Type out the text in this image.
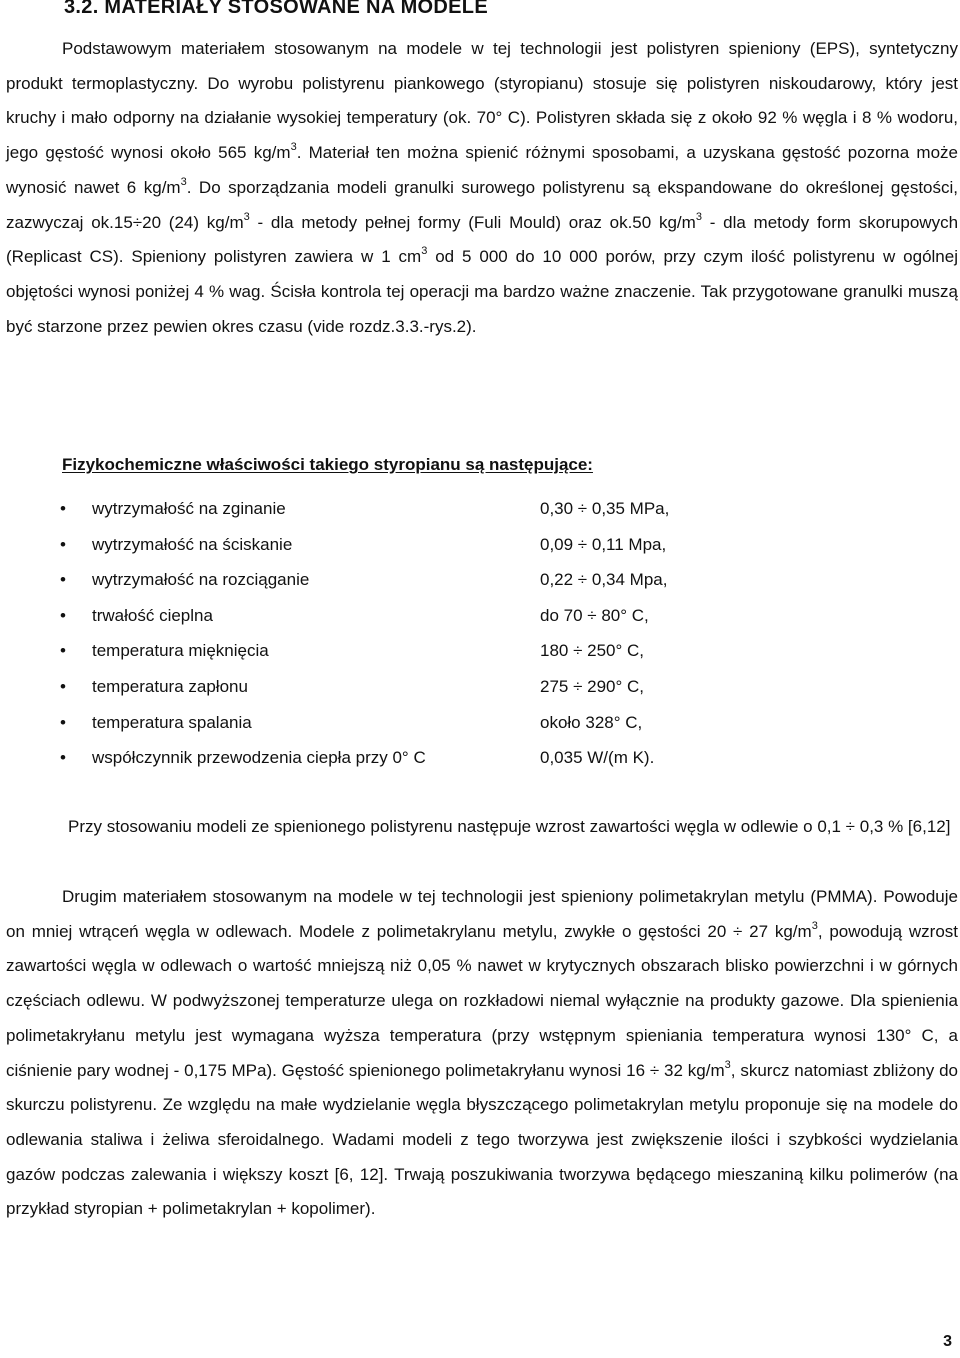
3.2. MATERIAŁY STOSOWANE NA MODELE

Podstawowym materiałem stosowanym na modele w tej technologii jest polistyren spieniony (EPS), syntetyczny produkt termoplastyczny. Do wyrobu polistyrenu piankowego (styropianu) stosuje się polistyren niskoudarowy, który jest kruchy i mało odporny na działanie wysokiej temperatury (ok. 70° C). Polistyren składa się z około 92 % węgla i 8 % wodoru, jego gęstość wynosi około 565 $kg/m^3$. Materiał ten można spienić różnymi sposobami, a uzyskana gęstość pozorna może wynosić nawet 6 $kg/m^3$. Do sporządzania modeli granulki surowego polistyrenu są ekspandowane do określonej gęstości, zazwyczaj ok.15÷20 (24) $kg/m^3$ - dla metody pełnej formy (Fuli Mould) oraz ok.50 $kg/m^3$ - dla metody form skorupowych (Replicast CS). Spieniony polistyren zawiera w 1 $cm^3$ od 5 000 do 10 000 porów, przy czym ilość polistyrenu w ogólnej objętości wynosi poniżej 4 % wag. Ścisła kontrola tej operacji ma bardzo ważne znaczenie. Tak przygotowane granulki muszą być starzone przez pewien okres czasu (vide rozdz.3.3.-rys.2).

Fizykochemiczne właściwości takiego styropianu są następujące:

• wytrzymałość na zginanie	0,30 ÷ 0,35 MPa,
• wytrzymałość na ściskanie	0,09 ÷ 0,11 Mpa,
• wytrzymałość na rozciąganie	0,22 ÷ 0,34 Mpa,
• trwałość cieplna	do 70 ÷ 80° C,
• temperatura mięknięcia	180 ÷ 250° C,
• temperatura zapłonu	275 ÷ 290° C,
• temperatura spalania	około 328° C,
• współczynnik przewodzenia ciepła przy 0° C	0,035 W/(m K).

Przy stosowaniu modeli ze spienionego polistyrenu następuje wzrost zawartości węgla w odlewie o 0,1 ÷ 0,3 % [6,12]

Drugim materiałem stosowanym na modele w tej technologii jest spieniony polimetakrylan metylu (PMMA). Powoduje on mniej wtrąceń węgla w odlewach. Modele z polimetakrylanu metylu, zwykłe o gęstości 20 ÷ 27 $kg/m^3$, powodują wzrost zawartości węgla w odlewach o wartość mniejszą niż 0,05 % nawet w krytycznych obszarach blisko powierzchni i w górnych częściach odlewu. W podwyższonej temperaturze ulega on rozkładowi niemal wyłącznie na produkty gazowe. Dla spienienia polimetakryłanu metylu jest wymagana wyższa temperatura (przy wstępnym spieniania temperatura wynosi 130° C, a ciśnienie pary wodnej - 0,175 MPa). Gęstość spienionego polimetakryłanu wynosi 16 ÷ 32 $kg/m^3$, skurcz natomiast zbliżony do skurczu polistyrenu. Ze względu na małe wydzielanie węgla błyszczącego polimetakrylan metylu proponuje się na modele do odlewania staliwa i żeliwa sferoidalnego. Wadami modeli z tego tworzywa jest zwiększenie ilości i szybkości wydzielania gazów podczas zalewania i większy koszt [6, 12]. Trwają poszukiwania tworzywa będącego mieszaniną kilku polimerów (na przykład styropian + polimetakrylan + kopolimer).

3
